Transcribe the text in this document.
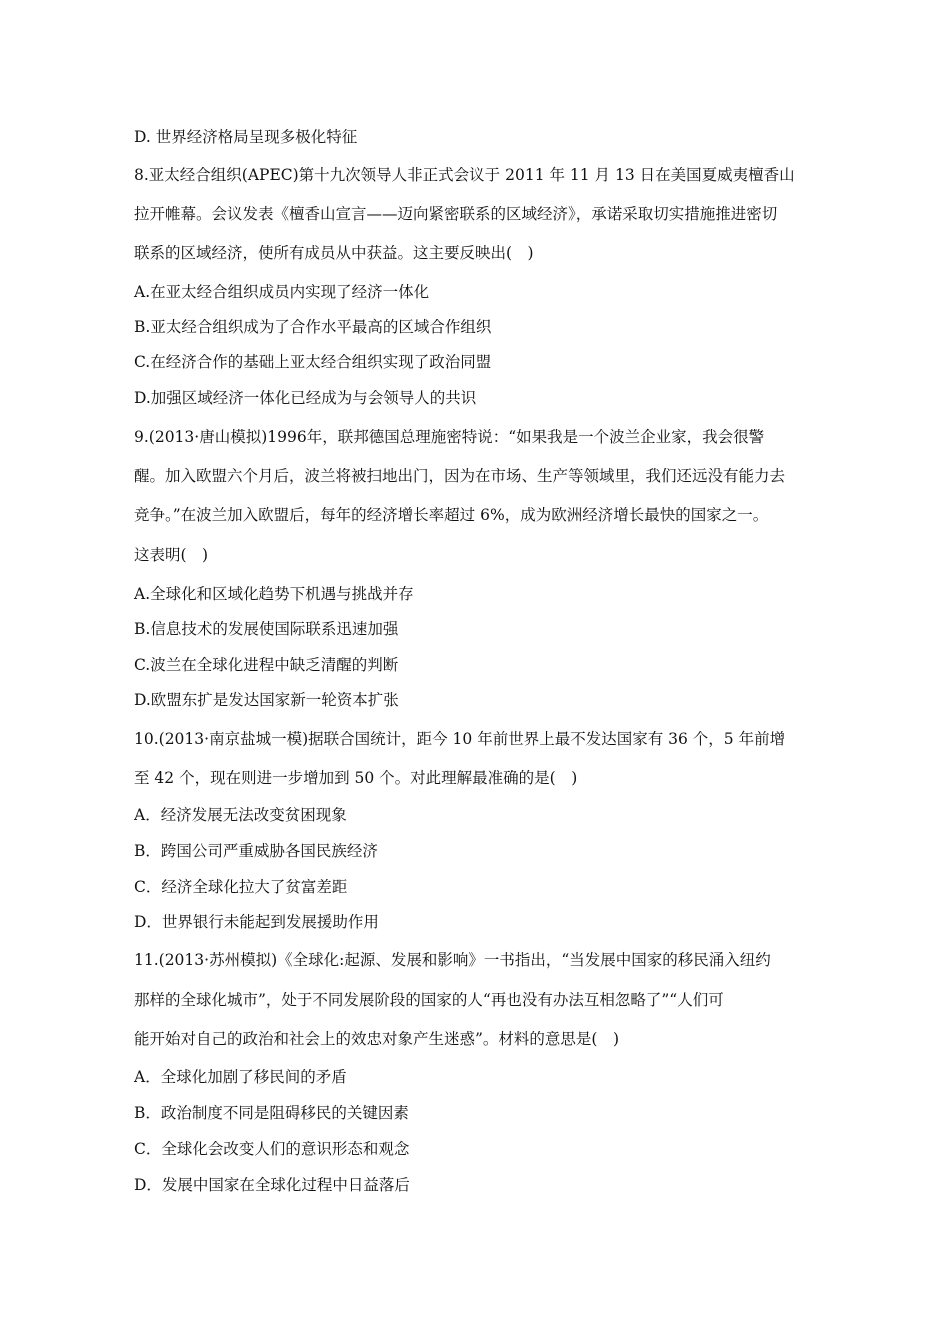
D. 世界经济格局呈现多极化特征
8.亚太经合组织(APEC)第十九次领导人非正式会议于 2011 年 11 月 13 日在美国夏威夷檀香山
拉开帷幕。会议发表《檀香山宣言——迈向紧密联系的区域经济》，承诺采取切实措施推进密切
联系的区域经济，使所有成员从中获益。这主要反映出(　)
A.在亚太经合组织成员内实现了经济一体化
B.亚太经合组织成为了合作水平最高的区域合作组织
C.在经济合作的基础上亚太经合组织实现了政治同盟
D.加强区域经济一体化已经成为与会领导人的共识
9.(2013·唐山模拟)1996年，联邦德国总理施密特说：“如果我是一个波兰企业家，我会很警
醒。加入欧盟六个月后，波兰将被扫地出门，因为在市场、生产等领域里，我们还远没有能力去
竞争。”在波兰加入欧盟后，每年的经济增长率超过 6%，成为欧洲经济增长最快的国家之一。
这表明(　)
A.全球化和区域化趋势下机遇与挑战并存
B.信息技术的发展使国际联系迅速加强
C.波兰在全球化进程中缺乏清醒的判断
D.欧盟东扩是发达国家新一轮资本扩张
10.(2013·南京盐城一模)据联合国统计，距今 10 年前世界上最不发达国家有 36 个，5 年前增
至 42 个，现在则进一步增加到 50 个。对此理解最准确的是(　)
A．经济发展无法改变贫困现象
B．跨国公司严重威胁各国民族经济
C．经济全球化拉大了贫富差距
D．世界银行未能起到发展援助作用
11.(2013·苏州模拟)《全球化:起源、发展和影响》一书指出，“当发展中国家的移民涌入纽约
那样的全球化城市”，处于不同发展阶段的国家的人“再也没有办法互相忽略了”“人们可
能开始对自己的政治和社会上的效忠对象产生迷惑”。材料的意思是(　)
A．全球化加剧了移民间的矛盾
B．政治制度不同是阻碍移民的关键因素
C．全球化会改变人们的意识形态和观念
D．发展中国家在全球化过程中日益落后
